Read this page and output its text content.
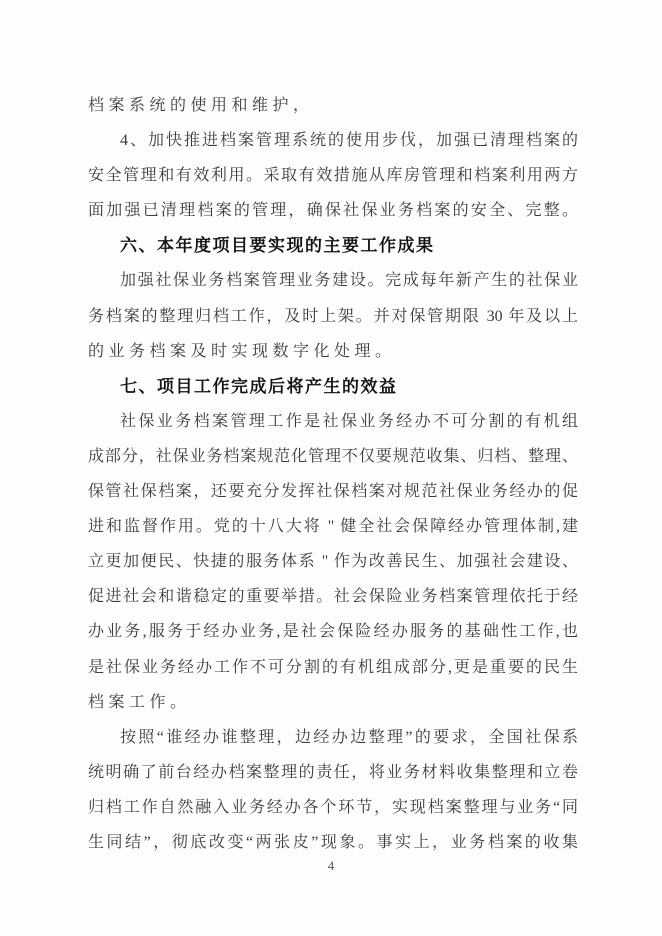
档案系统的使用和维护，
4、加快推进档案管理系统的使用步伐，加强已清理档案的
安全管理和有效利用。采取有效措施从库房管理和档案利用两方
面加强已清理档案的管理，确保社保业务档案的安全、完整。
六、本年度项目要实现的主要工作成果
加强社保业务档案管理业务建设。完成每年新产生的社保业
务档案的整理归档工作，及时上架。并对保管期限 30 年及以上
的业务档案及时实现数字化处理。
七、项目工作完成后将产生的效益
社保业务档案管理工作是社保业务经办不可分割的有机组
成部分，社保业务档案规范化管理不仅要规范收集、归档、整理、
保管社保档案，还要充分发挥社保档案对规范社保业务经办的促
进和监督作用。党的十八大将 " 健全社会保障经办管理体制,建
立更加便民、快捷的服务体系 " 作为改善民生、加强社会建设、
促进社会和谐稳定的重要举措。社会保险业务档案管理依托于经
办业务,服务于经办业务,是社会保险经办服务的基础性工作,也
是社保业务经办工作不可分割的有机组成部分,更是重要的民生
档案工作。
按照“谁经办谁整理，边经办边整理”的要求，全国社保系
统明确了前台经办档案整理的责任，将业务材料收集整理和立卷
归档工作自然融入业务经办各个环节，实现档案整理与业务“同
生同结”，彻底改变“两张皮”现象。事实上，业务档案的收集
4
